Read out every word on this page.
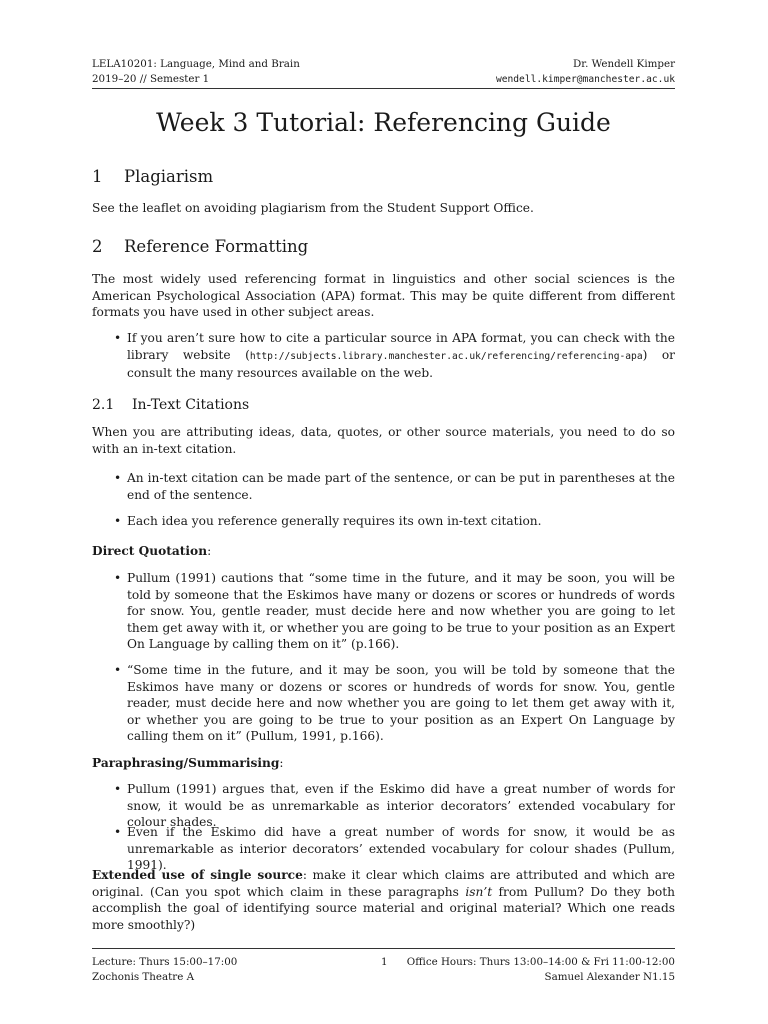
LELA10201: Language, Mind and Brain
2019–20 // Semester 1
Dr. Wendell Kimper
wendell.kimper@manchester.ac.uk
Week 3 Tutorial: Referencing Guide
1 Plagiarism
See the leaflet on avoiding plagiarism from the Student Support Office.
2 Reference Formatting
The most widely used referencing format in linguistics and other social sciences is the American Psychological Association (APA) format. This may be quite different from different formats you have used in other subject areas.
• If you aren’t sure how to cite a particular source in APA format, you can check with the library website (http://subjects.library.manchester.ac.uk/referencing/referencing-apa) or consult the many resources available on the web.
2.1 In-Text Citations
When you are attributing ideas, data, quotes, or other source materials, you need to do so with an in-text citation.
• An in-text citation can be made part of the sentence, or can be put in parentheses at the end of the sentence.
• Each idea you reference generally requires its own in-text citation.
Direct Quotation:
• Pullum (1991) cautions that “some time in the future, and it may be soon, you will be told by someone that the Eskimos have many or dozens or scores or hundreds of words for snow. You, gentle reader, must decide here and now whether you are going to let them get away with it, or whether you are going to be true to your position as an Expert On Language by calling them on it” (p.166).
• “Some time in the future, and it may be soon, you will be told by someone that the Eskimos have many or dozens or scores or hundreds of words for snow. You, gentle reader, must decide here and now whether you are going to let them get away with it, or whether you are going to be true to your position as an Expert On Language by calling them on it” (Pullum, 1991, p.166).
Paraphrasing/Summarising:
• Pullum (1991) argues that, even if the Eskimo did have a great number of words for snow, it would be as unremarkable as interior decorators’ extended vocabulary for colour shades.
• Even if the Eskimo did have a great number of words for snow, it would be as unremarkable as interior decorators’ extended vocabulary for colour shades (Pullum, 1991).
Extended use of single source: make it clear which claims are attributed and which are original. (Can you spot which claim in these paragraphs isn’t from Pullum? Do they both accomplish the goal of identifying source material and original material? Which one reads more smoothly?)
Lecture: Thurs 15:00–17:00
Zochonis Theatre A
1 Office Hours: Thurs 13:00–14:00 & Fri 11:00-12:00
Samuel Alexander N1.15
